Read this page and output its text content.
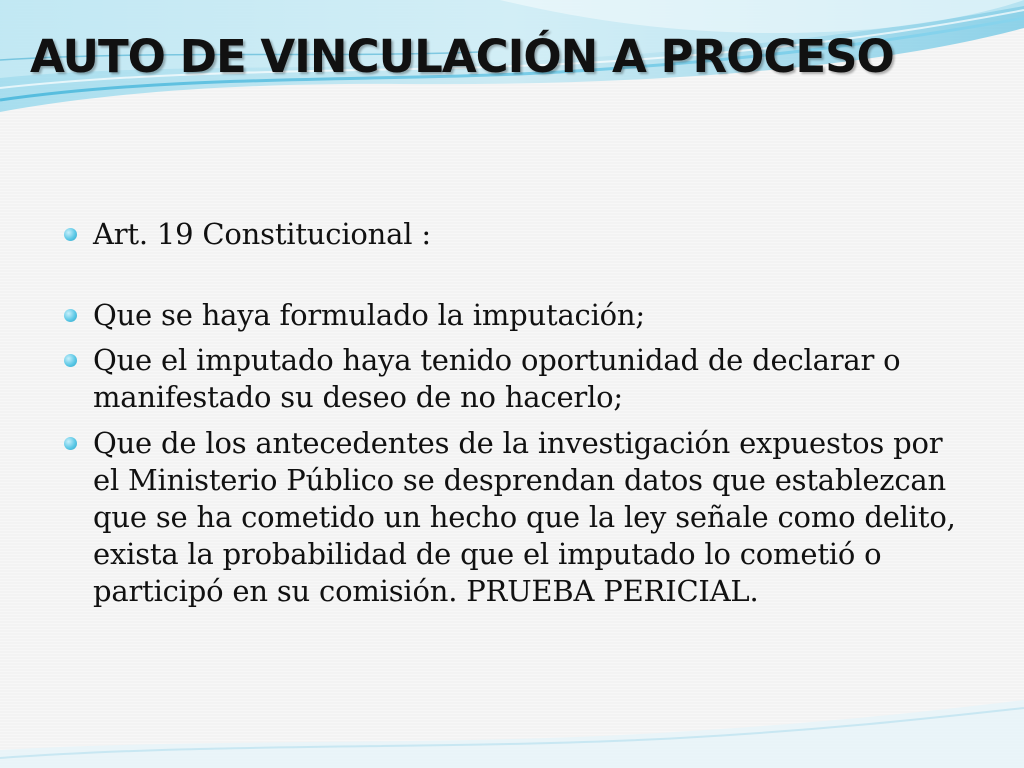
AUTO DE VINCULACIÓN A PROCESO
Art. 19 Constitucional :
Que se haya formulado la imputación;
Que el imputado haya tenido oportunidad de declarar o manifestado su deseo de no hacerlo;
Que de los antecedentes de la investigación expuestos por el Ministerio Público se desprendan datos que establezcan que se ha cometido un hecho que la ley señale como delito, exista la probabilidad de que el imputado lo cometió o participó en su comisión. PRUEBA PERICIAL.
